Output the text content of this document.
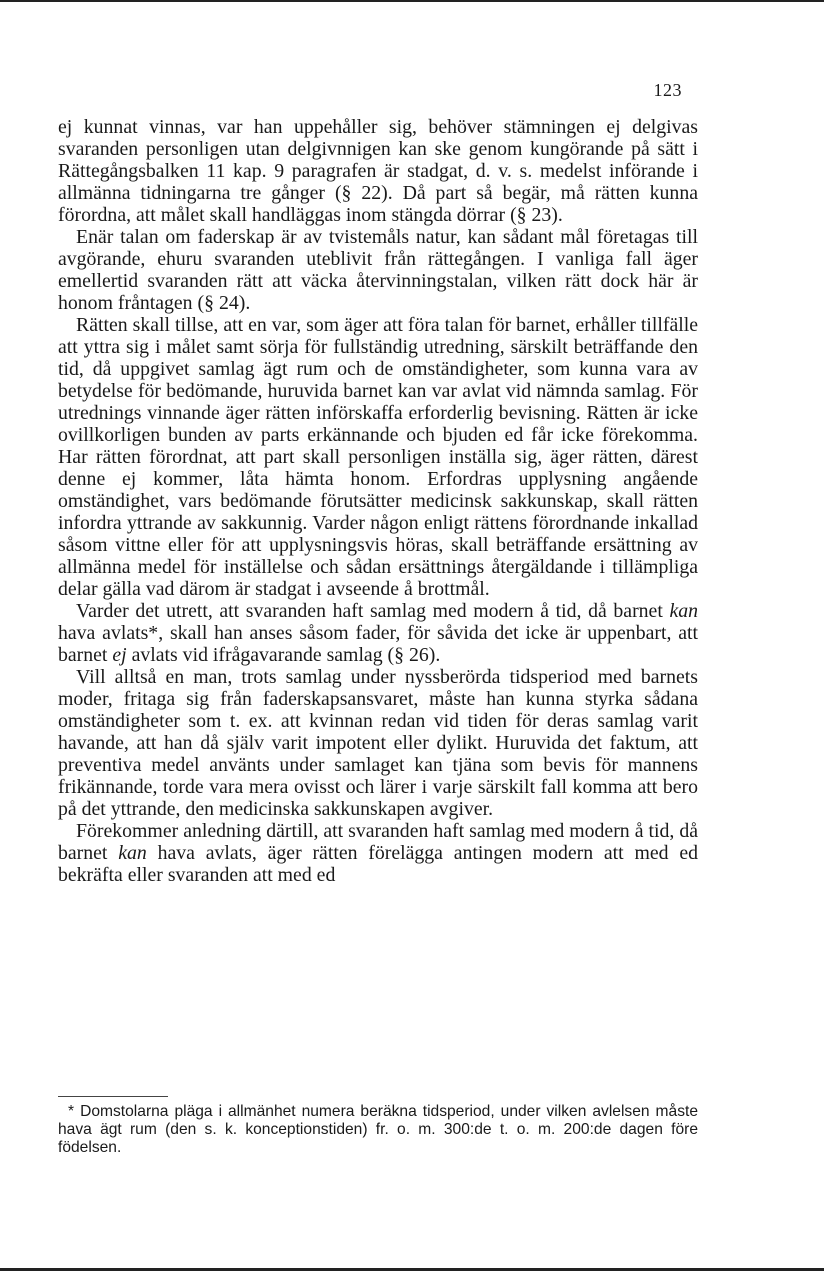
123

ej kunnat vinnas, var han uppehåller sig, behöver stämningen ej delgivas svaranden personligen utan delgivnnigen kan ske genom kungörande på sätt i Rättegångsbalken 11 kap. 9 paragrafen är stadgat, d. v. s. medelst införande i allmänna tidningarna tre gånger (§ 22). Då part så begär, må rätten kunna förordna, att målet skall handläggas inom stängda dörrar (§ 23).

Enär talan om faderskap är av tvistemåls natur, kan sådant mål företagas till avgörande, ehuru svaranden uteblivit från rättegången. I vanliga fall äger emellertid svaranden rätt att väcka återvinningstalan, vilken rätt dock här är honom fråntagen (§ 24).

Rätten skall tillse, att en var, som äger att föra talan för barnet, erhåller tillfälle att yttra sig i målet samt sörja för fullständig utredning, särskilt beträffande den tid, då uppgivet samlag ägt rum och de omständigheter, som kunna vara av betydelse för bedömande, huruvida barnet kan var avlat vid nämnda samlag. För utrednings vinnande äger rätten införskaffa erforderlig bevisning. Rätten är icke ovillkorligen bunden av parts erkännande och bjuden ed får icke förekomma. Har rätten förordnat, att part skall personligen inställa sig, äger rätten, därest denne ej kommer, låta hämta honom. Erfordras upplysning angående omständighet, vars bedömande förutsätter medicinsk sakkunskap, skall rätten infordra yttrande av sakkunnig. Varder någon enligt rättens förordnande inkallad såsom vittne eller för att upplysningsvis höras, skall beträffande ersättning av allmänna medel för inställelse och sådan ersättnings återgäldande i tillämpliga delar gälla vad därom är stadgat i avseende å brottmål.

Varder det utrett, att svaranden haft samlag med modern å tid, då barnet kan hava avlats*, skall han anses såsom fader, för såvida det icke är uppenbart, att barnet ej avlats vid ifrågavarande samlag (§ 26).

Vill alltså en man, trots samlag under nyssberörda tidsperiod med barnets moder, fritaga sig från faderskapsansvaret, måste han kunna styrka sådana omständigheter som t. ex. att kvinnan redan vid tiden för deras samlag varit havande, att han då själv varit impotent eller dylikt. Huruvida det faktum, att preventiva medel använts under samlaget kan tjäna som bevis för mannens frikännande, torde vara mera ovisst och lärer i varje särskilt fall komma att bero på det yttrande, den medicinska sakkunskapen avgiver.

Förekommer anledning därtill, att svaranden haft samlag med modern å tid, då barnet kan hava avlats, äger rätten förelägga antingen modern att med ed bekräfta eller svaranden att med ed

* Domstolarna pläga i allmänhet numera beräkna tidsperiod, under vilken avlelsen måste hava ägt rum (den s. k. konceptionstiden) fr. o. m. 300:de t. o. m. 200:de dagen före födelsen.
